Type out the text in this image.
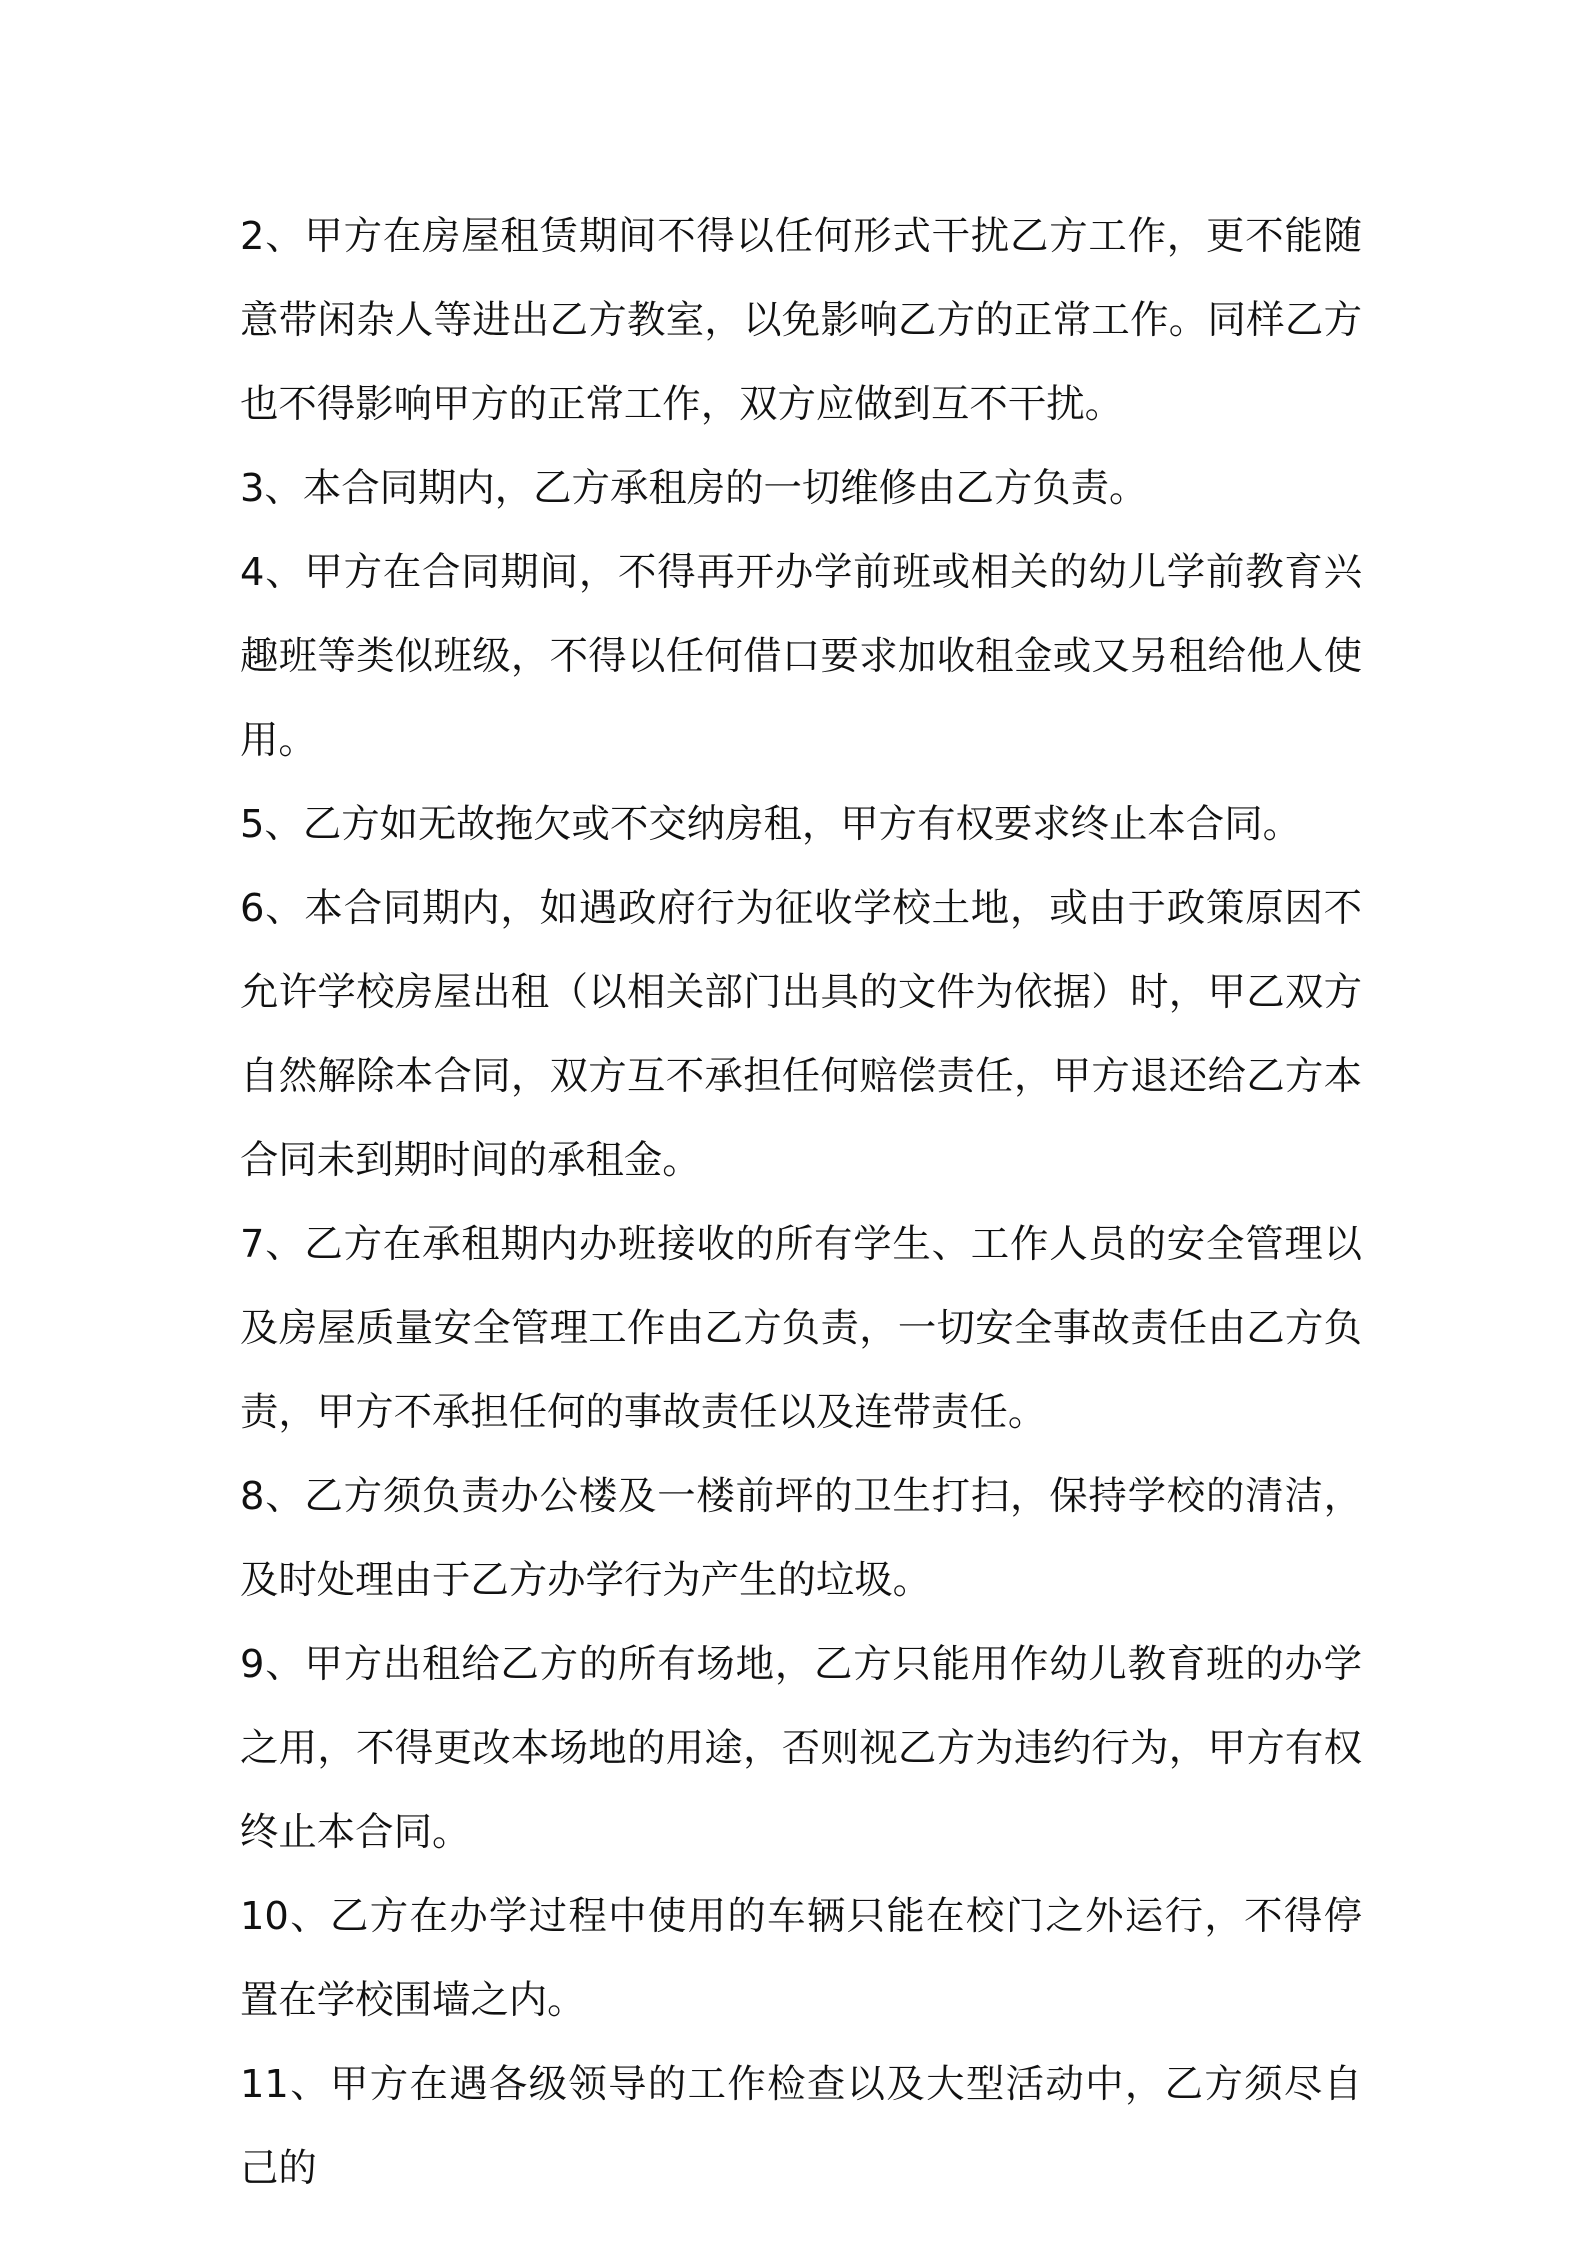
2、甲方在房屋租赁期间不得以任何形式干扰乙方工作，更不能随意带闲杂人等进出乙方教室，以免影响乙方的正常工作。同样乙方也不得影响甲方的正常工作，双方应做到互不干扰。

3、本合同期内，乙方承租房的一切维修由乙方负责。

4、甲方在合同期间，不得再开办学前班或相关的幼儿学前教育兴趣班等类似班级，不得以任何借口要求加收租金或又另租给他人使用。

5、乙方如无故拖欠或不交纳房租，甲方有权要求终止本合同。

6、本合同期内，如遇政府行为征收学校土地，或由于政策原因不允许学校房屋出租（以相关部门出具的文件为依据）时，甲乙双方自然解除本合同，双方互不承担任何赔偿责任，甲方退还给乙方本合同未到期时间的承租金。

7、乙方在承租期内办班接收的所有学生、工作人员的安全管理以及房屋质量安全管理工作由乙方负责，一切安全事故责任由乙方负责，甲方不承担任何的事故责任以及连带责任。

8、乙方须负责办公楼及一楼前坪的卫生打扫，保持学校的清洁，及时处理由于乙方办学行为产生的垃圾。

9、甲方出租给乙方的所有场地，乙方只能用作幼儿教育班的办学之用，不得更改本场地的用途，否则视乙方为违约行为，甲方有权终止本合同。

10、乙方在办学过程中使用的车辆只能在校门之外运行，不得停置在学校围墙之内。

11、甲方在遇各级领导的工作检查以及大型活动中，乙方须尽自己的
